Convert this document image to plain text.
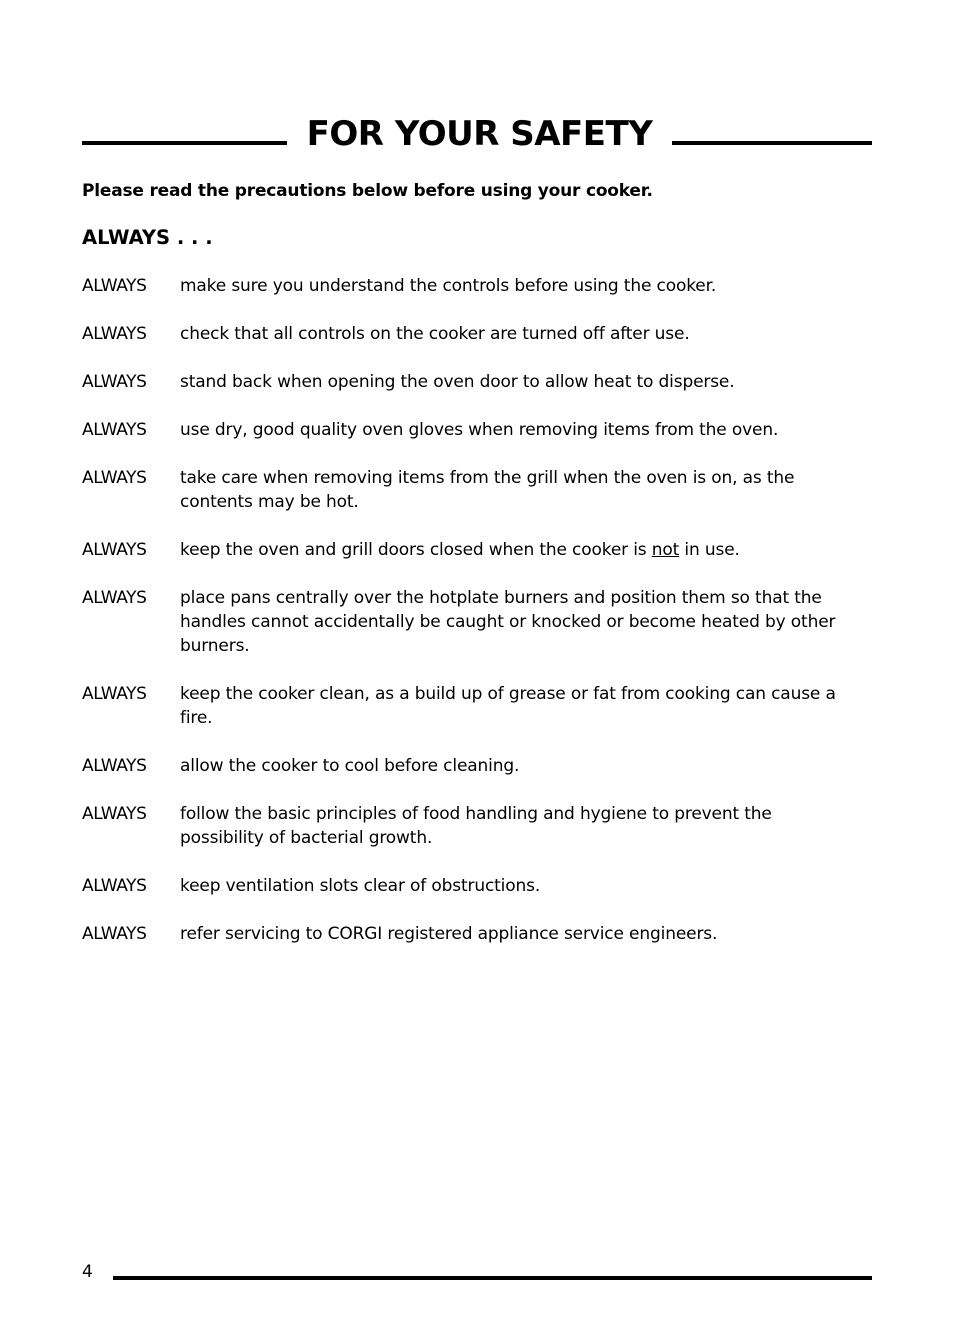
FOR YOUR SAFETY
Please read the precautions below before using your cooker.
ALWAYS . . .
ALWAYS	make sure you understand the controls before using the cooker.
ALWAYS	check that all controls on the cooker are turned off after use.
ALWAYS	stand back when opening the oven door to allow heat to disperse.
ALWAYS	use dry, good quality oven gloves when removing items from the oven.
ALWAYS	take care when removing items from the grill when the oven is on, as the contents may be hot.
ALWAYS	keep the oven and grill doors closed when the cooker is not in use.
ALWAYS	place pans centrally over the hotplate burners and position them so that the handles cannot accidentally be caught or knocked or become heated by other burners.
ALWAYS	keep the cooker clean, as a build up of grease or fat from cooking can cause a fire.
ALWAYS	allow the cooker to cool before cleaning.
ALWAYS	follow the basic principles of food handling and hygiene to prevent the possibility of bacterial growth.
ALWAYS	keep ventilation slots clear of obstructions.
ALWAYS	refer servicing to CORGI registered appliance service engineers.
4
